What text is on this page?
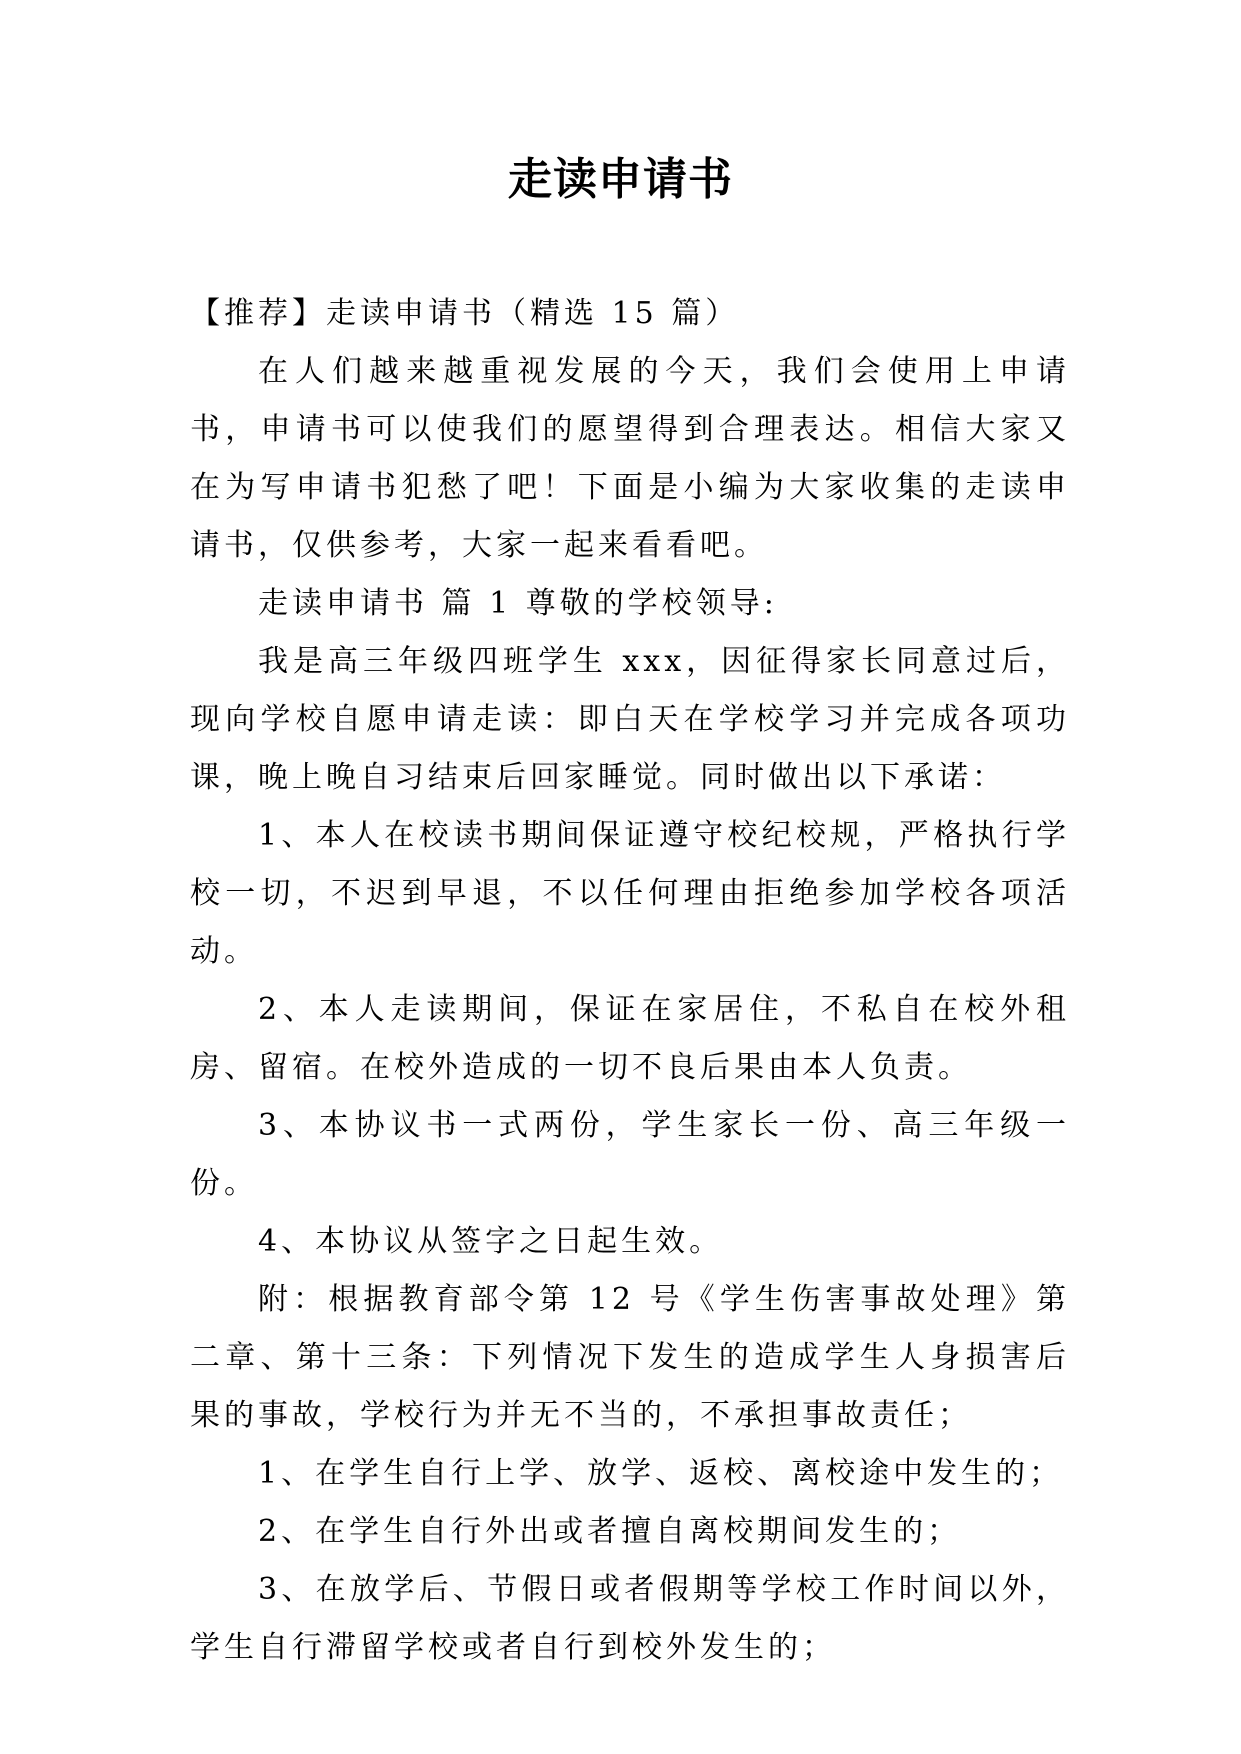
走读申请书

【推荐】走读申请书（精选 15 篇）

在人们越来越重视发展的今天，我们会使用上申请书，申请书可以使我们的愿望得到合理表达。相信大家又在为写申请书犯愁了吧！下面是小编为大家收集的走读申请书，仅供参考，大家一起来看看吧。

走读申请书 篇 1 尊敬的学校领导:

我是高三年级四班学生 xxx，因征得家长同意过后，现向学校自愿申请走读：即白天在学校学习并完成各项功课，晚上晚自习结束后回家睡觉。同时做出以下承诺：

1、本人在校读书期间保证遵守校纪校规，严格执行学校一切，不迟到早退，不以任何理由拒绝参加学校各项活动。

2、本人走读期间，保证在家居住，不私自在校外租房、留宿。在校外造成的一切不良后果由本人负责。

3、本协议书一式两份，学生家长一份、高三年级一份。

4、本协议从签字之日起生效。

附：根据教育部令第 12 号《学生伤害事故处理》第二章、第十三条：下列情况下发生的造成学生人身损害后果的事故，学校行为并无不当的，不承担事故责任；

1、在学生自行上学、放学、返校、离校途中发生的；

2、在学生自行外出或者擅自离校期间发生的；

3、在放学后、节假日或者假期等学校工作时间以外，学生自行滞留学校或者自行到校外发生的；
